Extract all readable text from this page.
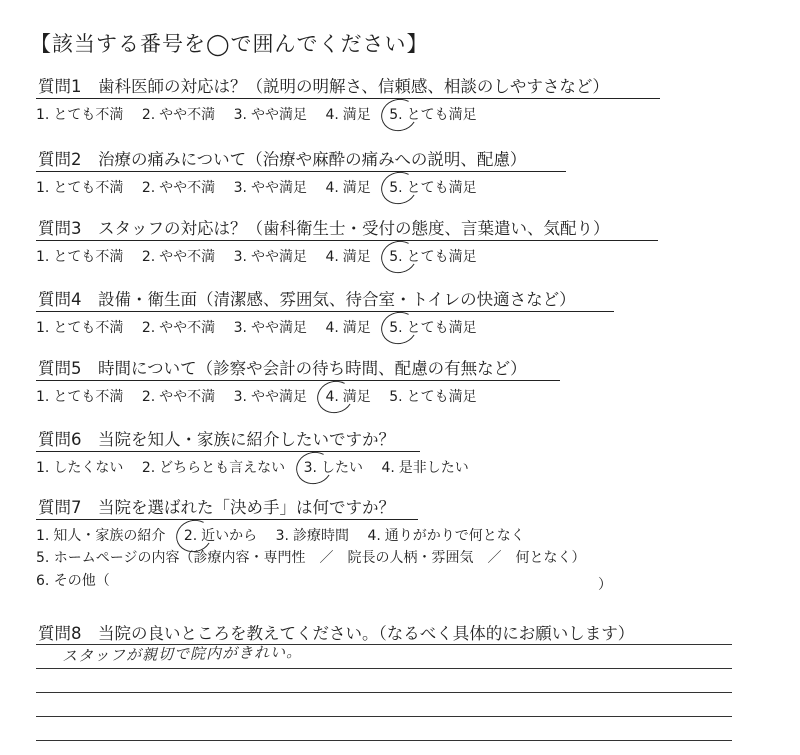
【該当する番号を◯で囲んでください】
質問1　歯科医師の対応は？（説明の明解さ、信頼感、相談のしやすさなど）
1. とても不満 2. やや不満 3. やや満足 4. 満足 5. とても満足
質問2　治療の痛みについて（治療や麻酔の痛みへの説明、配慮）
1. とても不満 2. やや不満 3. やや満足 4. 満足 5. とても満足
質問3　スタッフの対応は？（歯科衛生士・受付の態度、言葉遣い、気配り）
1. とても不満 2. やや不満 3. やや満足 4. 満足 5. とても満足
質問4　設備・衛生面（清潔感、雰囲気、待合室・トイレの快適さなど）
1. とても不満 2. やや不満 3. やや満足 4. 満足 5. とても満足
質問5　時間について（診察や会計の待ち時間、配慮の有無など）
1. とても不満 2. やや不満 3. やや満足 4. 満足 5. とても満足
質問6　当院を知人・家族に紹介したいですか？
1. したくない 2. どちらとも言えない 3. したい 4. 是非したい
質問7　当院を選ばれた「決め手」は何ですか？
1. 知人・家族の紹介 2. 近いから 3. 診療時間 4. 通りがかりで何となく
5. ホームページの内容（診療内容・専門性　／　院長の人柄・雰囲気　／　何となく）
6. その他（	）
質問8　当院の良いところを教えてください。（なるべく具体的にお願いします）
スタッフが親切で院内がきれい。
